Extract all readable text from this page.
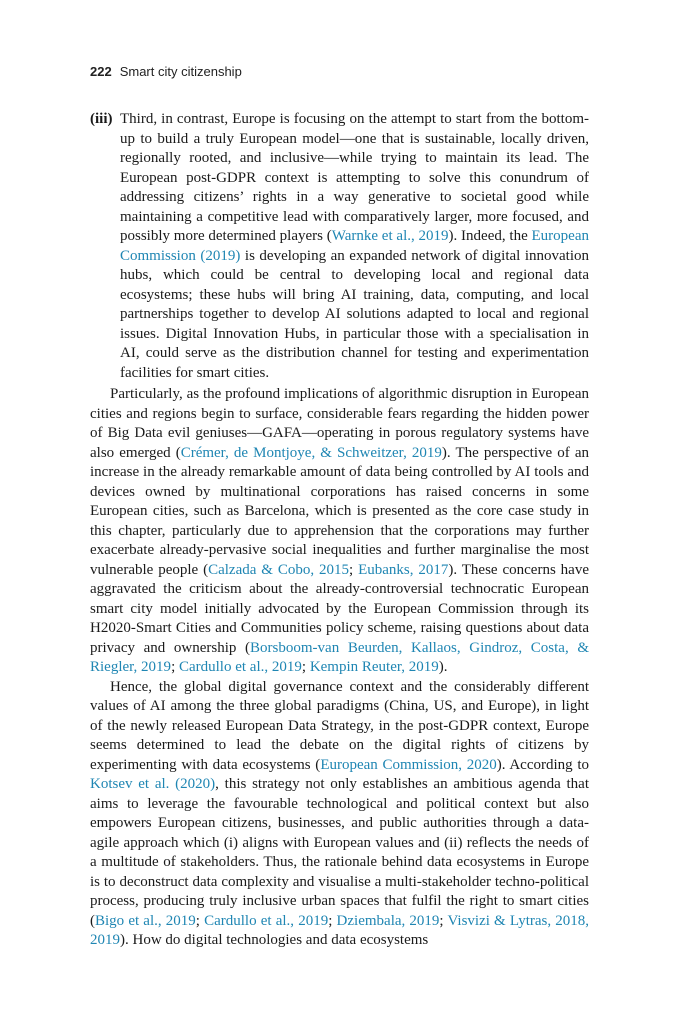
222 Smart city citizenship
(iii) Third, in contrast, Europe is focusing on the attempt to start from the bottom-up to build a truly European model—one that is sustainable, locally driven, regionally rooted, and inclusive—while trying to maintain its lead. The European post-GDPR context is attempting to solve this conundrum of addressing citizens’ rights in a way generative to societal good while maintaining a competitive lead with comparatively larger, more focused, and possibly more determined players (Warnke et al., 2019). Indeed, the European Commission (2019) is developing an expanded network of digital innovation hubs, which could be central to developing local and regional data ecosystems; these hubs will bring AI training, data, computing, and local partnerships together to develop AI solutions adapted to local and regional issues. Digital Innovation Hubs, in particular those with a specialisation in AI, could serve as the distribution channel for testing and experimentation facilities for smart cities.

Particularly, as the profound implications of algorithmic disruption in European cities and regions begin to surface, considerable fears regarding the hidden power of Big Data evil geniuses—GAFA—operating in porous regulatory systems have also emerged (Crémer, de Montjoye, & Schweitzer, 2019). The perspective of an increase in the already remarkable amount of data being controlled by AI tools and devices owned by multinational corporations has raised concerns in some European cities, such as Barcelona, which is presented as the core case study in this chapter, particularly due to apprehension that the corporations may further exacerbate already-pervasive social inequalities and further marginalise the most vulnerable people (Calzada & Cobo, 2015; Eubanks, 2017). These concerns have aggravated the criticism about the already-controversial technocratic European smart city model initially advocated by the European Commission through its H2020-Smart Cities and Communities policy scheme, raising questions about data privacy and ownership (Borsboom-van Beurden, Kallaos, Gindroz, Costa, & Riegler, 2019; Cardullo et al., 2019; Kempin Reuter, 2019).

Hence, the global digital governance context and the considerably different values of AI among the three global paradigms (China, US, and Europe), in light of the newly released European Data Strategy, in the post-GDPR context, Europe seems determined to lead the debate on the digital rights of citizens by experimenting with data ecosystems (European Commission, 2020). According to Kotsev et al. (2020), this strategy not only establishes an ambitious agenda that aims to leverage the favourable technological and political context but also empowers European citizens, businesses, and public authorities through a data-agile approach which (i) aligns with European values and (ii) reflects the needs of a multitude of stakeholders. Thus, the rationale behind data ecosystems in Europe is to deconstruct data complexity and visualise a multi-stakeholder techno-political process, producing truly inclusive urban spaces that fulfil the right to smart cities (Bigo et al., 2019; Cardullo et al., 2019; Dziembala, 2019; Visvizi & Lytras, 2018, 2019). How do digital technologies and data ecosystems
